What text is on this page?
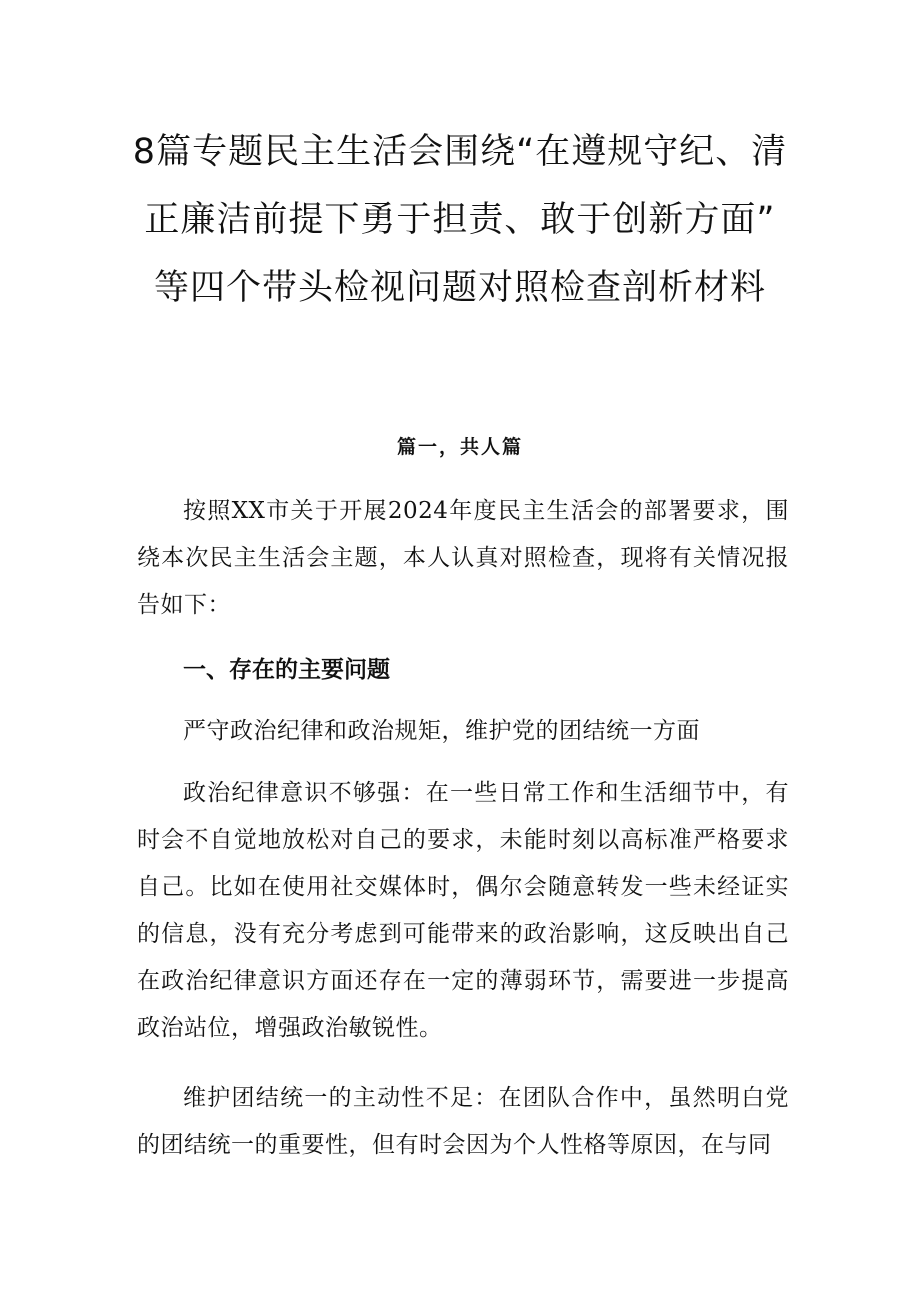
8篇专题民主生活会围绕“在遵规守纪、清
正廉洁前提下勇于担责、敢于创新方面”
等四个带头检视问题对照检查剖析材料
篇一，共人篇

按照XX市关于开展2024年度民主生活会的部署要求，围绕本次民主生活会主题，本人认真对照检查，现将有关情况报告如下：

一、存在的主要问题

严守政治纪律和政治规矩，维护党的团结统一方面

政治纪律意识不够强：在一些日常工作和生活细节中，有时会不自觉地放松对自己的要求，未能时刻以高标准严格要求自己。比如在使用社交媒体时，偶尔会随意转发一些未经证实的信息，没有充分考虑到可能带来的政治影响，这反映出自己在政治纪律意识方面还存在一定的薄弱环节，需要进一步提高政治站位，增强政治敏锐性。

维护团结统一的主动性不足：在团队合作中，虽然明白党的团结统一的重要性，但有时会因为个人性格等原因，在与同
